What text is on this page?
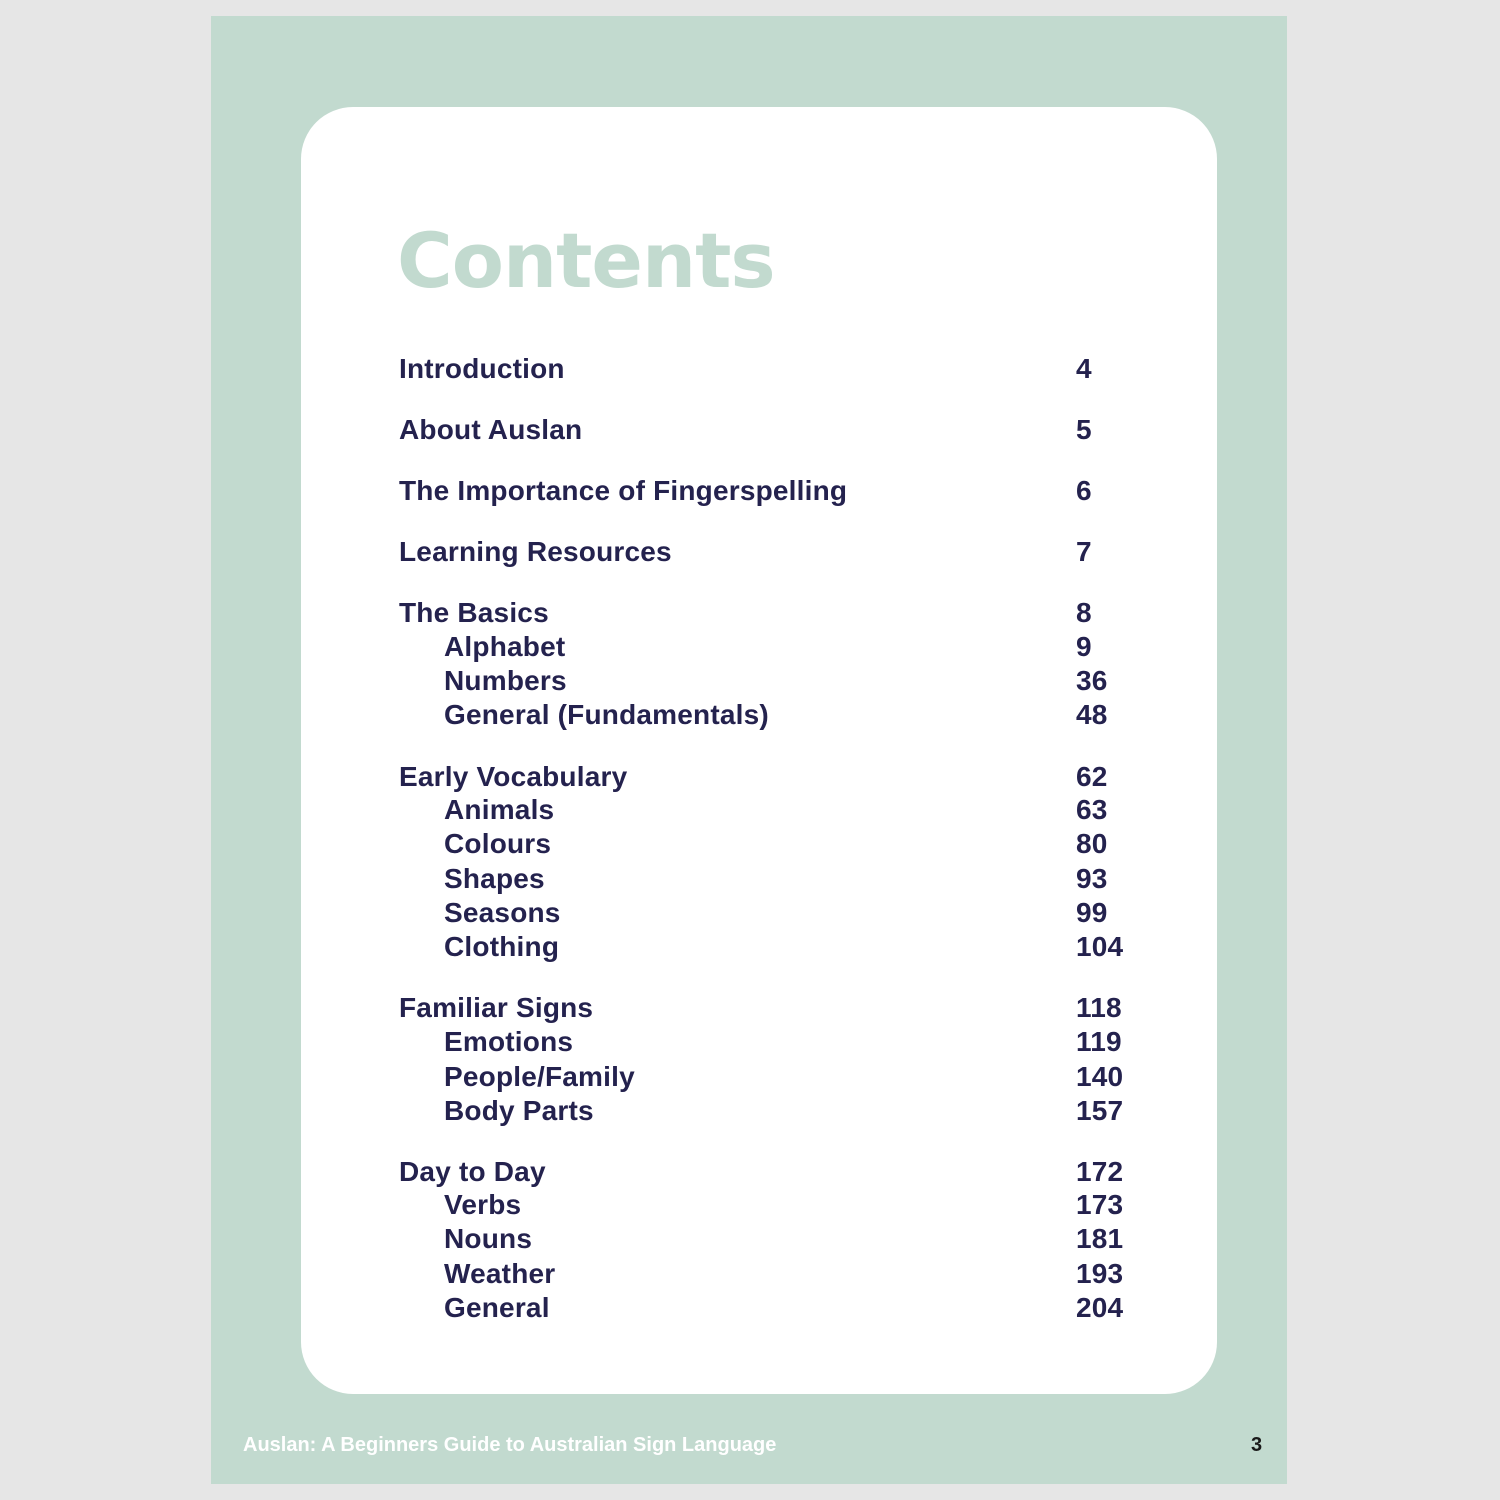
Contents
Introduction	4
About Auslan	5
The Importance of Fingerspelling	6
Learning Resources	7
The Basics	8
Alphabet	9
Numbers	36
General (Fundamentals)	48
Early Vocabulary	62
Animals	63
Colours	80
Shapes	93
Seasons	99
Clothing	104
Familiar Signs	118
Emotions	119
People/Family	140
Body Parts	157
Day to Day	172
Verbs	173
Nouns	181
Weather	193
General	204
Auslan: A Beginners Guide to Australian Sign Language	3
